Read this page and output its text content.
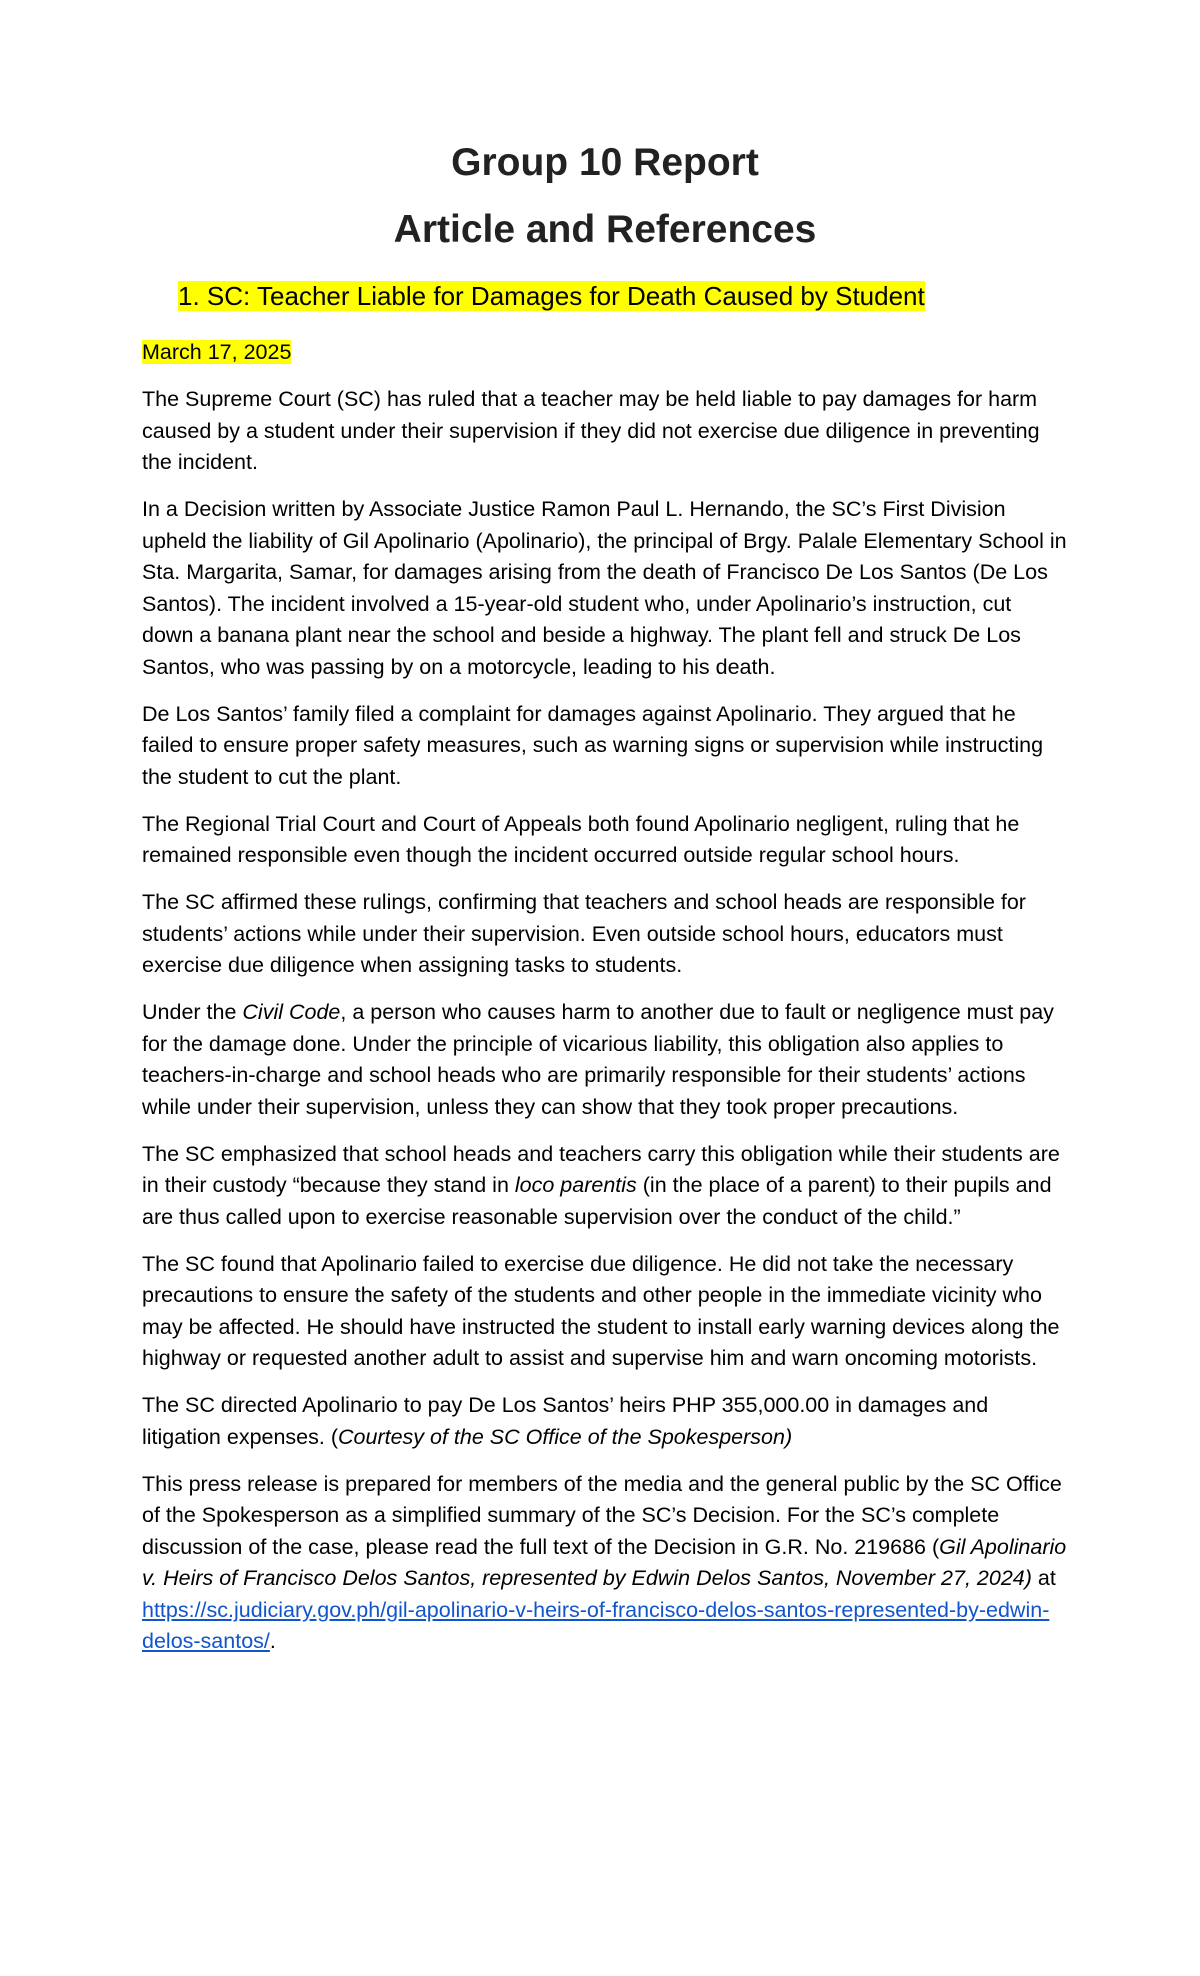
Group 10 Report
Article and References
1. SC: Teacher Liable for Damages for Death Caused by Student
March 17, 2025

The Supreme Court (SC) has ruled that a teacher may be held liable to pay damages for harm caused by a student under their supervision if they did not exercise due diligence in preventing the incident.

In a Decision written by Associate Justice Ramon Paul L. Hernando, the SC’s First Division upheld the liability of Gil Apolinario (Apolinario), the principal of Brgy. Palale Elementary School in Sta. Margarita, Samar, for damages arising from the death of Francisco De Los Santos (De Los Santos). The incident involved a 15-year-old student who, under Apolinario’s instruction, cut down a banana plant near the school and beside a highway. The plant fell and struck De Los Santos, who was passing by on a motorcycle, leading to his death.

De Los Santos’ family filed a complaint for damages against Apolinario. They argued that he failed to ensure proper safety measures, such as warning signs or supervision while instructing the student to cut the plant.

The Regional Trial Court and Court of Appeals both found Apolinario negligent, ruling that he remained responsible even though the incident occurred outside regular school hours.

The SC affirmed these rulings, confirming that teachers and school heads are responsible for students’ actions while under their supervision. Even outside school hours, educators must exercise due diligence when assigning tasks to students.

Under the Civil Code, a person who causes harm to another due to fault or negligence must pay for the damage done. Under the principle of vicarious liability, this obligation also applies to teachers-in-charge and school heads who are primarily responsible for their students’ actions while under their supervision, unless they can show that they took proper precautions.

The SC emphasized that school heads and teachers carry this obligation while their students are in their custody “because they stand in loco parentis (in the place of a parent) to their pupils and are thus called upon to exercise reasonable supervision over the conduct of the child.”

The SC found that Apolinario failed to exercise due diligence. He did not take the necessary precautions to ensure the safety of the students and other people in the immediate vicinity who may be affected. He should have instructed the student to install early warning devices along the highway or requested another adult to assist and supervise him and warn oncoming motorists.

The SC directed Apolinario to pay De Los Santos’ heirs PHP 355,000.00 in damages and litigation expenses. (Courtesy of the SC Office of the Spokesperson)

This press release is prepared for members of the media and the general public by the SC Office of the Spokesperson as a simplified summary of the SC’s Decision. For the SC’s complete discussion of the case, please read the full text of the Decision in G.R. No. 219686 (Gil Apolinario v. Heirs of Francisco Delos Santos, represented by Edwin Delos Santos, November 27, 2024) at https://sc.judiciary.gov.ph/gil-apolinario-v-heirs-of-francisco-delos-santos-represented-by-edwin-delos-santos/.
